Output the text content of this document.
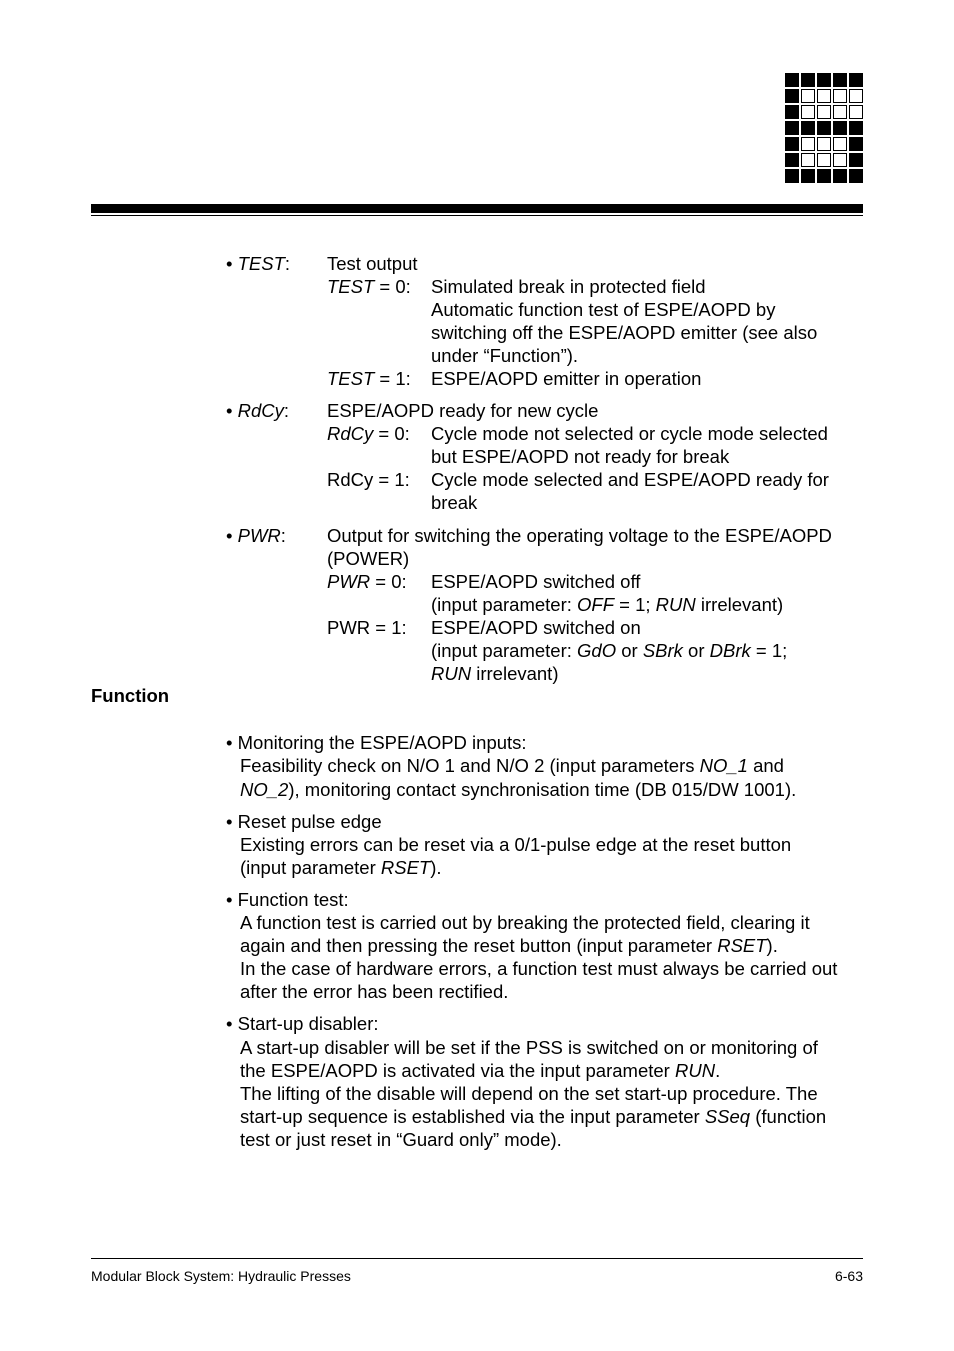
• TEST: Test output
TEST = 0: Simulated break in protected field
Automatic function test of ESPE/AOPD by
switching off the ESPE/AOPD emitter (see also
under “Function”).
TEST = 1: ESPE/AOPD emitter in operation
• RdCy: ESPE/AOPD ready for new cycle
RdCy = 0: Cycle mode not selected or cycle mode selected
but ESPE/AOPD not ready for break
RdCy = 1: Cycle mode selected and ESPE/AOPD ready for
break
• PWR: Output for switching the operating voltage to the ESPE/AOPD
(POWER)
PWR = 0: ESPE/AOPD switched off
(input parameter: OFF = 1; RUN irrelevant)
PWR = 1: ESPE/AOPD switched on
(input parameter: GdO or SBrk or DBrk = 1;
RUN irrelevant)
Function
• Monitoring the ESPE/AOPD inputs:
Feasibility check on N/O 1 and N/O 2 (input parameters NO_1 and
NO_2), monitoring contact synchronisation time (DB 015/DW 1001).
• Reset pulse edge
Existing errors can be reset via a 0/1-pulse edge at the reset button
(input parameter RSET).
• Function test:
A function test is carried out by breaking the protected field, clearing it
again and then pressing the reset button (input parameter RSET).
In the case of hardware errors, a function test must always be carried out
after the error has been rectified.
• Start-up disabler:
A start-up disabler will be set if the PSS is switched on or monitoring of
the ESPE/AOPD is activated via the input parameter RUN.
The lifting of the disable will depend on the set start-up procedure. The
start-up sequence is established via the input parameter SSeq (function
test or just reset in “Guard only” mode).
Modular Block System: Hydraulic Presses	6-63
